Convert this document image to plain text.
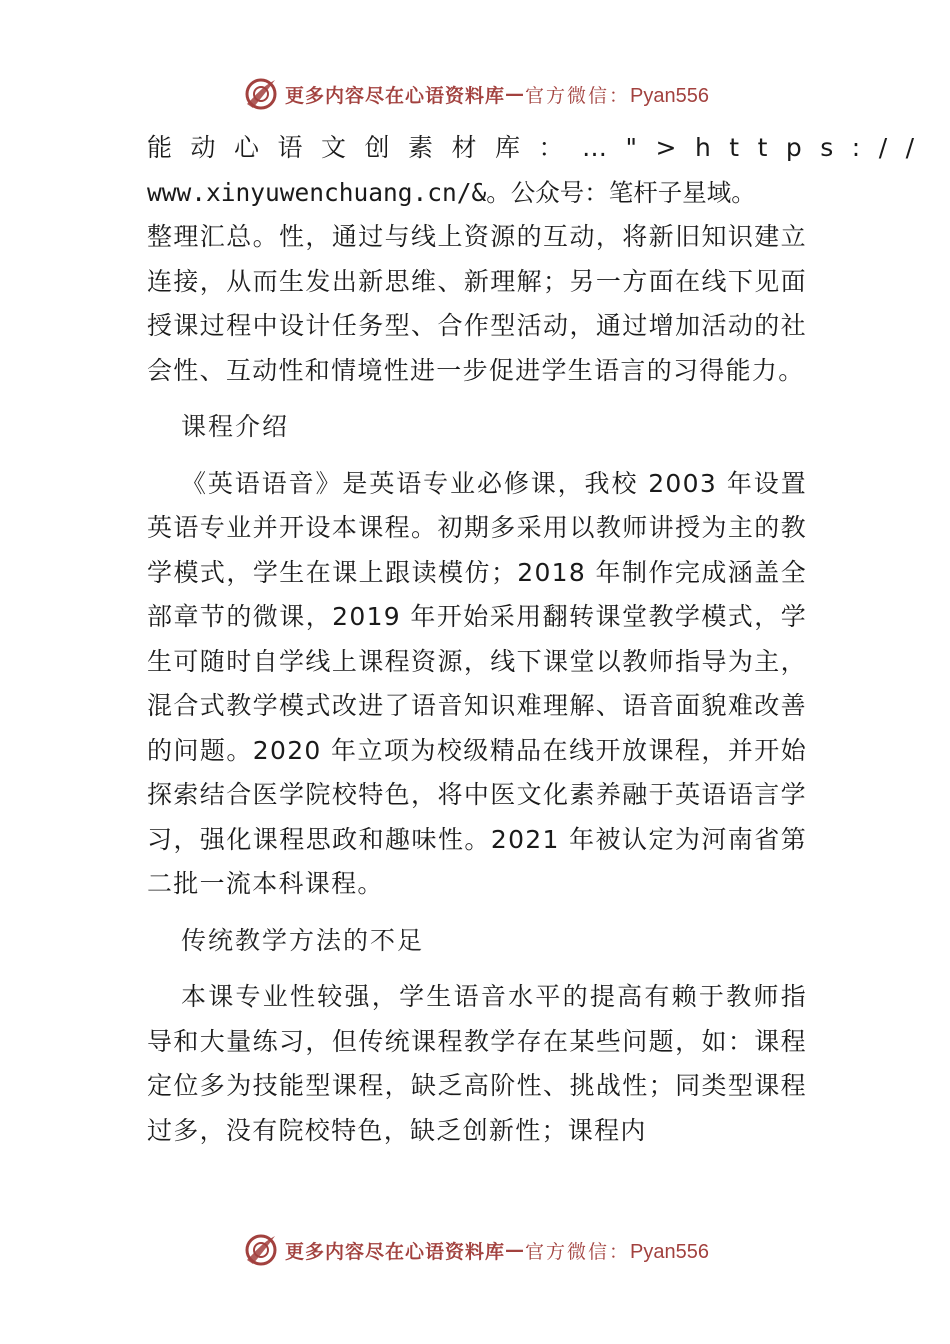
更多内容尽在心语资料库 — 官方微信：Pyan556

能动心语文创素材库：…">https://

www.xinyuwenchuang.cn/&。公众号：笔杆子星域。

整理汇总。性，通过与线上资源的互动，将新旧知识建立连接，从而生发出新思维、新理解；另一方面在线下见面授课过程中设计任务型、合作型活动，通过增加活动的社会性、互动性和情境性进一步促进学生语言的习得能力。

课程介绍

《英语语音》是英语专业必修课，我校 2003 年设置英语专业并开设本课程。初期多采用以教师讲授为主的教学模式，学生在课上跟读模仿；2018 年制作完成涵盖全部章节的微课，2019 年开始采用翻转课堂教学模式，学生可随时自学线上课程资源，线下课堂以教师指导为主，混合式教学模式改进了语音知识难理解、语音面貌难改善的问题。2020 年立项为校级精品在线开放课程，并开始探索结合医学院校特色，将中医文化素养融于英语语言学习，强化课程思政和趣味性。2021 年被认定为河南省第二批一流本科课程。

传统教学方法的不足

本课专业性较强，学生语音水平的提高有赖于教师指导和大量练习，但传统课程教学存在某些问题，如：课程定位多为技能型课程，缺乏高阶性、挑战性；同类型课程过多，没有院校特色，缺乏创新性；课程内

更多内容尽在心语资料库 — 官方微信：Pyan556
